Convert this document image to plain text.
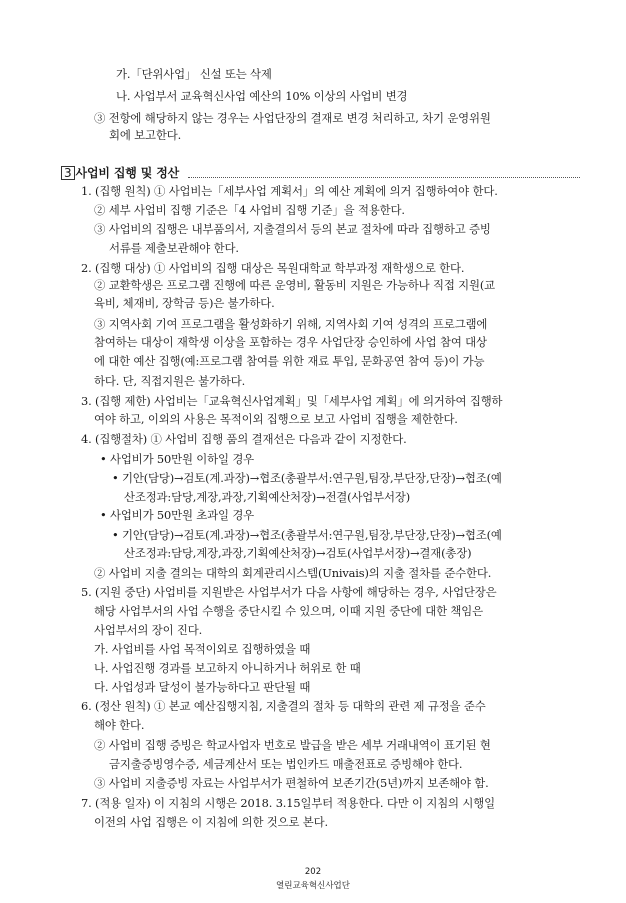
가.「단위사업」 신설 또는 삭제
나. 사업부서 교육혁신사업 예산의 10% 이상의 사업비 변경
③ 전항에 해당하지 않는 경우는 사업단장의 결재로 변경 처리하고, 차기 운영위원
회에 보고한다.
3 사업비 집행 및 정산
1. (집행 원칙) ① 사업비는「세부사업 계획서」의 예산 계획에 의거 집행하여야 한다.
② 세부 사업비 집행 기준은「4 사업비 집행 기준」을 적용한다.
③ 사업비의 집행은 내부품의서, 지출결의서 등의 본교 절차에 따라 집행하고 증빙
서류를 제출보관해야 한다.
2. (집행 대상) ① 사업비의 집행 대상은 목원대학교 학부과정 재학생으로 한다.
② 교환학생은 프로그램 진행에 따른 운영비, 활동비 지원은 가능하나 직접 지원(교
육비, 체재비, 장학금 등)은 불가하다.
③ 지역사회 기여 프로그램을 활성화하기 위해, 지역사회 기여 성격의 프로그램에
참여하는 대상이 재학생 이상을 포함하는 경우 사업단장 승인하에 사업 참여 대상
에 대한 예산 집행(예:프로그램 참여를 위한 재료 투입, 문화공연 참여 등)이 가능
하다. 단, 직접지원은 불가하다.
3. (집행 제한) 사업비는「교육혁신사업계획」및「세부사업 계획」에 의거하여 집행하
여야 하고, 이외의 사용은 목적이외 집행으로 보고 사업비 집행을 제한한다.
4. (집행절차) ① 사업비 집행 품의 결재선은 다음과 같이 지정한다.
• 사업비가 50만원 이하일 경우
• 기안(담당)→검토(계.과장)→협조(총괄부서:연구원,팀장,부단장,단장)→협조(예
산조정과:담당,계장,과장,기획예산처장)→전결(사업부서장)
• 사업비가 50만원 초과일 경우
• 기안(담당)→검토(계.과장)→협조(총괄부서:연구원,팀장,부단장,단장)→협조(예
산조정과:담당,계장,과장,기획예산처장)→검토(사업부서장)→결재(총장)
② 사업비 지출 결의는 대학의 회계관리시스템(Univais)의 지출 절차를 준수한다.
5. (지원 중단) 사업비를 지원받은 사업부서가 다음 사항에 해당하는 경우, 사업단장은
해당 사업부서의 사업 수행을 중단시킬 수 있으며, 이때 지원 중단에 대한 책임은
사업부서의 장이 진다.
가. 사업비를 사업 목적이외로 집행하였을 때
나. 사업진행 경과를 보고하지 아니하거나 허위로 한 때
다. 사업성과 달성이 불가능하다고 판단될 때
6. (정산 원칙) ① 본교 예산집행지침, 지출결의 절차 등 대학의 관련 제 규정을 준수
해야 한다.
② 사업비 집행 증빙은 학교사업자 번호로 발급을 받은 세부 거래내역이 표기된 현
금지출증빙영수증, 세금계산서 또는 법인카드 매출전표로 증빙해야 한다.
③ 사업비 지출증빙 자료는 사업부서가 편철하여 보존기간(5년)까지 보존해야 함.
7. (적용 일자) 이 지침의 시행은 2018. 3.15일부터 적용한다. 다만 이 지침의 시행일
이전의 사업 집행은 이 지침에 의한 것으로 본다.
202
열린교육혁신사업단
